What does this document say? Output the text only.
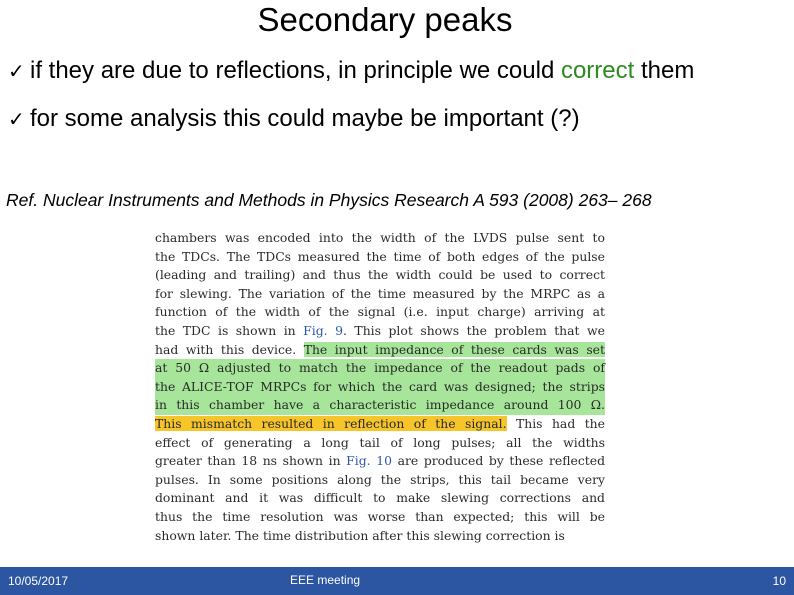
Secondary peaks
✓ if they are due to reflections, in principle we could correct them
✓ for some analysis this could maybe be important (?)
Ref. Nuclear Instruments and Methods in Physics Research A 593 (2008) 263– 268
chambers was encoded into the width of the LVDS pulse sent to
the TDCs. The TDCs measured the time of both edges of the pulse
(leading and trailing) and thus the width could be used to correct
for slewing. The variation of the time measured by the MRPC as a
function of the width of the signal (i.e. input charge) arriving at
the TDC is shown in Fig. 9. This plot shows the problem that we
had with this device. The input impedance of these cards was set
at 50 Ω adjusted to match the impedance of the readout pads of
the ALICE-TOF MRPCs for which the card was designed; the strips
in this chamber have a characteristic impedance around 100 Ω.
This mismatch resulted in reflection of the signal. This had the
effect of generating a long tail of long pulses; all the widths
greater than 18 ns shown in Fig. 10 are produced by these reflected
pulses. In some positions along the strips, this tail became very
dominant and it was difficult to make slewing corrections and
thus the time resolution was worse than expected; this will be
shown later. The time distribution after this slewing correction is
10/05/2017	EEE meeting	10
